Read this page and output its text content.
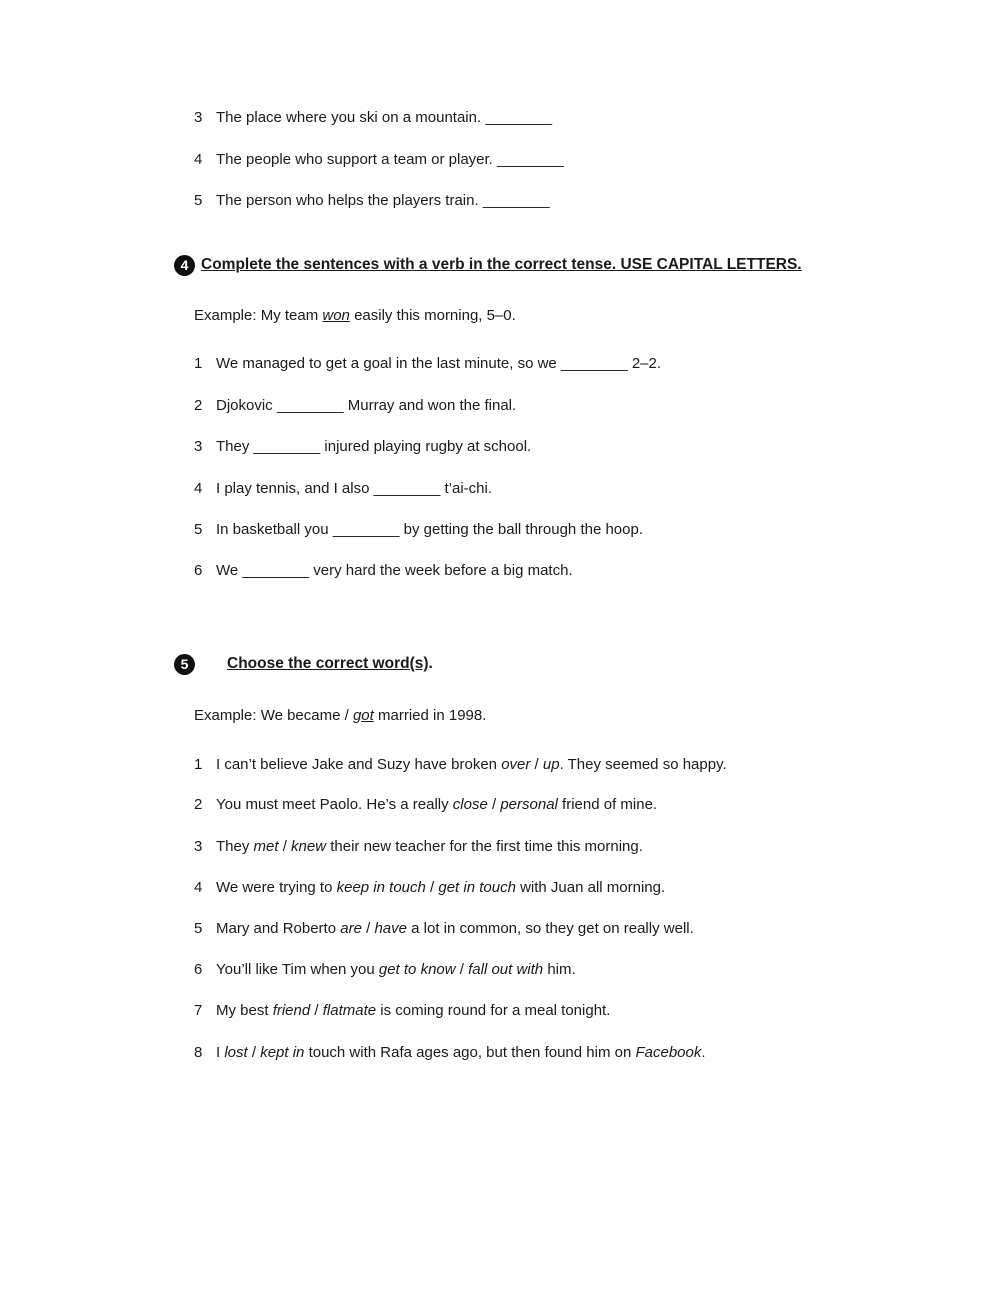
3 The place where you ski on a mountain. ________
4 The people who support a team or player. ________
5 The person who helps the players train. ________
4 Complete the sentences with a verb in the correct tense. USE CAPITAL LETTERS.
Example: My team won easily this morning, 5–0.
1 We managed to get a goal in the last minute, so we ________ 2–2.
2 Djokovic ________ Murray and won the final.
3 They ________ injured playing rugby at school.
4 I play tennis, and I also ________ t’ai-chi.
5 In basketball you ________ by getting the ball through the hoop.
6 We ________ very hard the week before a big match.
5	Choose the correct word(s).
Example: We became / got married in 1998.
1 I can’t believe Jake and Suzy have broken over / up. They seemed so happy.
2 You must meet Paolo. He’s a really close / personal friend of mine.
3 They met / knew their new teacher for the first time this morning.
4 We were trying to keep in touch / get in touch with Juan all morning.
5 Mary and Roberto are / have a lot in common, so they get on really well.
6 You’ll like Tim when you get to know / fall out with him.
7 My best friend / flatmate is coming round for a meal tonight.
8 I lost / kept in touch with Rafa ages ago, but then found him on Facebook.
